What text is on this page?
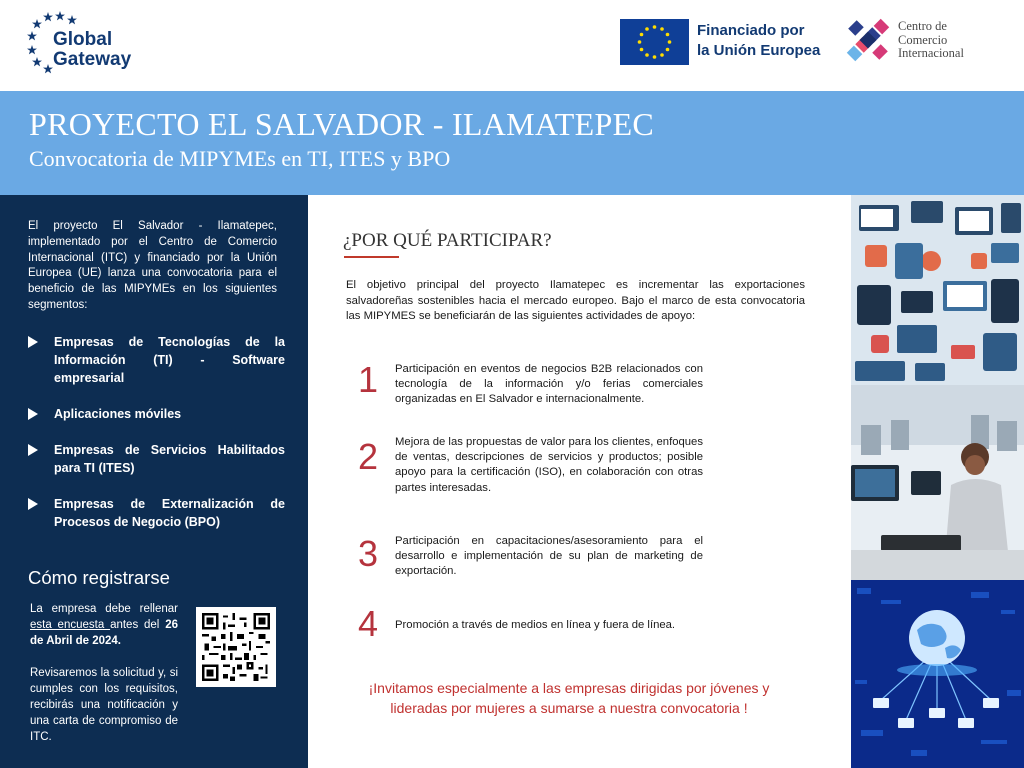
Global
Gateway
Financiado por
la Unión Europea
Centro de
Comercio
Internacional
PROYECTO EL SALVADOR - ILAMATEPEC
Convocatoria de MIPYMEs en TI, ITES y BPO
El proyecto El Salvador - Ilamatepec, implementado por el Centro de Comercio Internacional (ITC) y financiado por la Unión Europea (UE) lanza una convocatoria para el beneficio de las MIPYMEs en los siguientes segmentos:
Empresas de Tecnologías de la Información (TI) - Software empresarial
Aplicaciones móviles
Empresas de Servicios Habilitados para TI (ITES)
Empresas de Externalización de Procesos de Negocio (BPO)
Cómo registrarse

La empresa debe rellenar esta encuesta antes del 26 de Abril de 2024.

Revisaremos la solicitud y, si cumples con los requisitos, recibirás una notificación y una carta de compromiso de ITC.

¿POR QUÉ PARTICIPAR?
El objetivo principal del proyecto Ilamatepec es incrementar las exportaciones salvadoreñas sostenibles hacia el mercado europeo. Bajo el marco de esta convocatoria las MIPYMES se beneficiarán de las siguientes actividades de apoyo:
1 Participación en eventos de negocios B2B relacionados con tecnología de la información y/o ferias comerciales organizadas en El Salvador e internacionalmente.
2 Mejora de las propuestas de valor para los clientes, enfoques de ventas, descripciones de servicios y productos; posible apoyo para la certificación (ISO), en colaboración con otras partes interesadas.
3 Participación en capacitaciones/asesoramiento para el desarrollo e implementación de su plan de marketing de exportación.
4 Promoción a través de medios en línea y fuera de línea.
¡Invitamos especialmente a las empresas dirigidas por jóvenes y lideradas por mujeres a sumarse a nuestra convocatoria !
